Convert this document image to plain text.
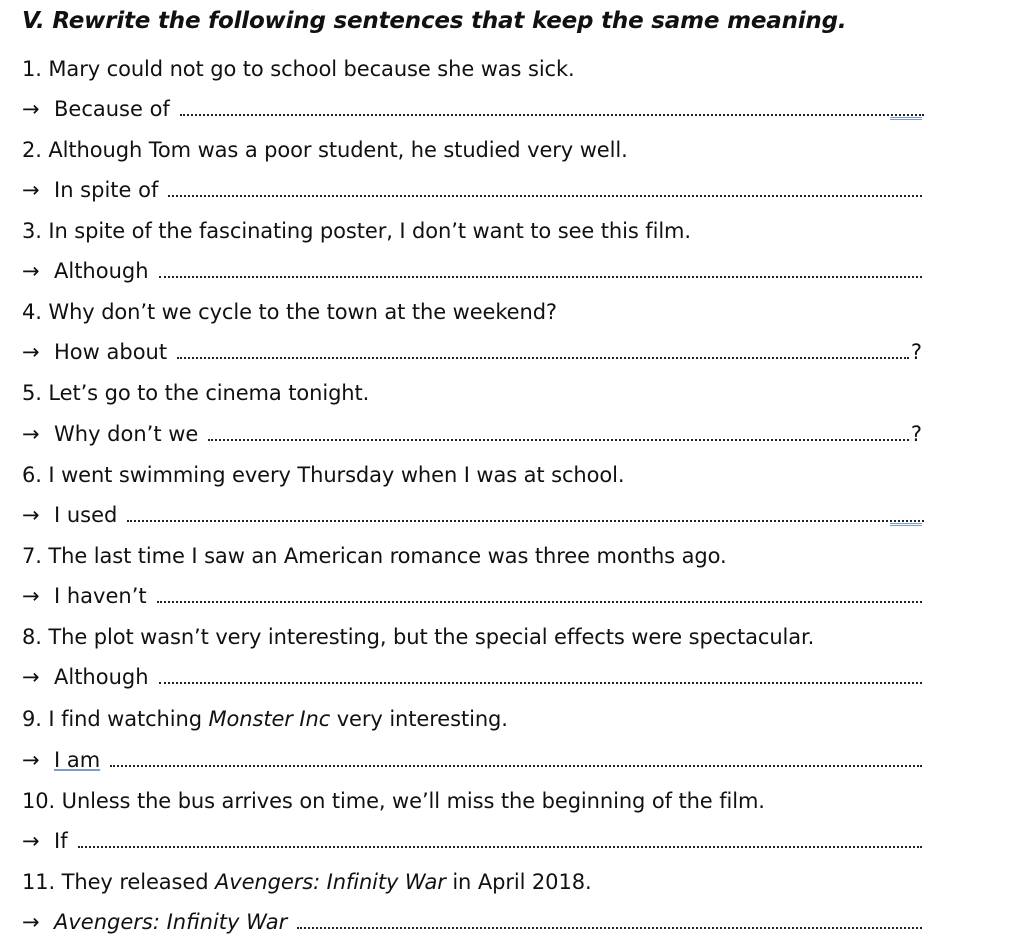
V. Rewrite the following sentences that keep the same meaning.
1. Mary could not go to school because she was sick.
→ Because of
2. Although Tom was a poor student, he studied very well.
→ In spite of
3. In spite of the fascinating poster, I don’t want to see this film.
→ Although
4. Why don’t we cycle to the town at the weekend?
→ How about	?
5. Let’s go to the cinema tonight.
→ Why don’t we	?
6. I went swimming every Thursday when I was at school.
→ I used
7. The last time I saw an American romance was three months ago.
→ I haven’t
8. The plot wasn’t very interesting, but the special effects were spectacular.
→ Although
9. I find watching Monster Inc very interesting.
→ I am
10. Unless the bus arrives on time, we’ll miss the beginning of the film.
→ If
11. They released Avengers: Infinity War in April 2018.
→ Avengers: Infinity War
